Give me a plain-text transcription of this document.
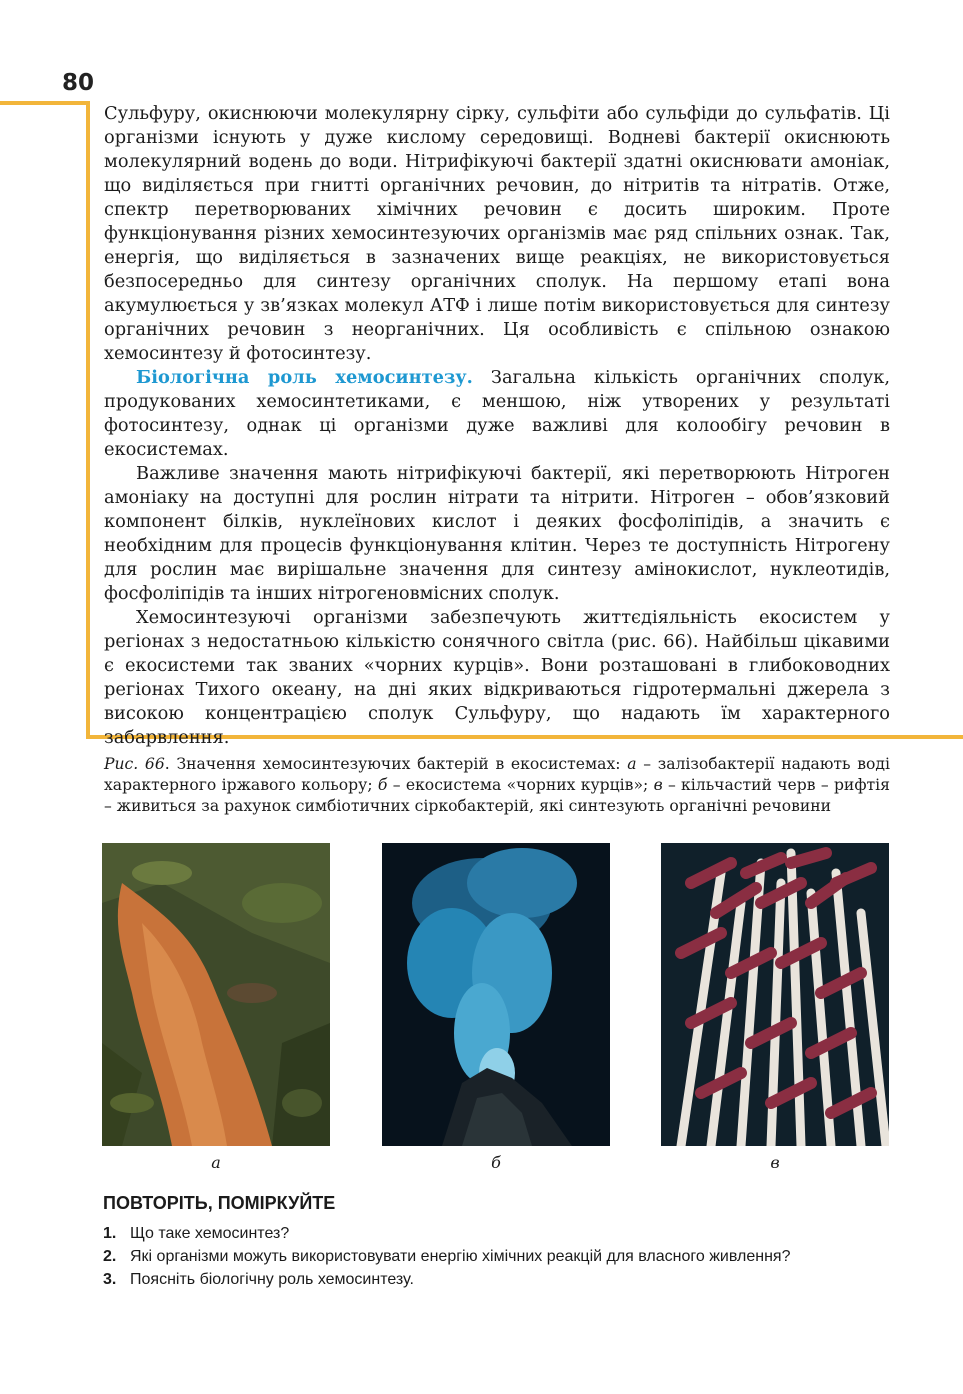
80

Сульфуру, окиснюючи молекулярну сірку, сульфіти або сульфіди до сульфатів. Ці організми існують у дуже кислому середовищі. Водневі бактерії окиснюють молекулярний водень до води. Нітрифікуючі бактерії здатні окиснювати амоніак, що виділяється при гнитті органічних речовин, до нітритів та нітратів. Отже, спектр перетворюваних хімічних речовин є досить широким. Проте функціонування різних хемосинтезуючих організмів має ряд спільних ознак. Так, енергія, що виділяється в зазначених вище реакціях, не використовується безпосередньо для синтезу органічних сполук. На першому етапі вона акумулюється у зв’язках молекул АТФ і лише потім використовується для синтезу органічних речовин з неорганічних. Ця особливість є спільною ознакою хемосинтезу й фотосинтезу.

Біологічна роль хемосинтезу. Загальна кількість органічних сполук, продукованих хемосинтетиками, є меншою, ніж утворених у результаті фотосинтезу, однак ці організми дуже важливі для колообігу речовин в екосистемах.

Важливе значення мають нітрифікуючі бактерії, які перетворюють Нітроген амоніаку на доступні для рослин нітрати та нітрити. Нітроген – обов’язковий компонент білків, нуклеїнових кислот і деяких фосфоліпідів, а значить є необхідним для процесів функціонування клітин. Через те доступність Нітрогену для рослин має вирішальне значення для синтезу амінокислот, нуклеотидів, фосфоліпідів та інших нітрогеновмісних сполук.

Хемосинтезуючі організми забезпечують життєдіяльність екосистем у регіонах з недостатньою кількістю сонячного світла (рис. 66). Найбільш цікавими є екосистеми так званих «чорних курців». Вони розташовані в глибоководних регіонах Тихого океану, на дні яких відкриваються гідротермальні джерела з високою концентрацією сполук Сульфуру, що надають їм характерного забарвлення.

Рис. 66. Значення хемосинтезуючих бактерій в екосистемах: а – залізобактерії надають воді характерного іржавого кольору; б – екосистема «чорних курців»; в – кільчастий черв – рифтія – живиться за рахунок симбіотичних сіркобактерій, які синтезують органічні речовини
а	б	в
ПОВТОРІТЬ, ПОМІРКУЙТЕ
1. Що таке хемосинтез?
2. Які організми можуть використовувати енергію хімічних реакцій для власного живлення?
3. Поясніть біологічну роль хемосинтезу.
